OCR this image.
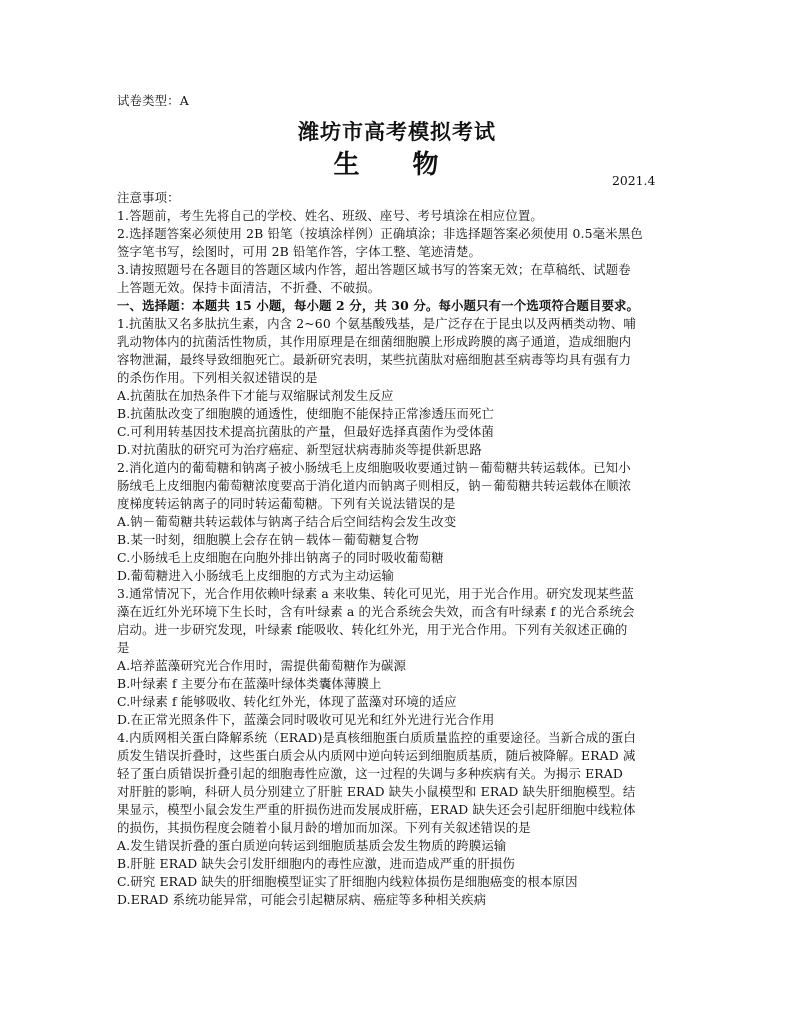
试卷类型：A
潍坊市高考模拟考试
生 物
2021.4
注意事项：
1.答题前，考生先将自己的学校、姓名、班级、座号、考号填涂在相应位置。
2.选择题答案必须使用 2B 铅笔（按填涂样例）正确填涂；非选择题答案必须使用 0.5毫米黑色
签字笔书写，绘图时，可用 2B 铅笔作答，字体工整、笔迹清楚。
3.请按照题号在各题目的答题区域内作答，超出答题区域书写的答案无效；在草稿纸、试题卷
上答题无效。保持卡面清洁，不折叠、不破损。
一、选择题：本题共 15 小题，每小题 2 分，共 30 分。每小题只有一个选项符合题目要求。
1.抗菌肽又名多肽抗生素，内含 2~60 个氨基酸残基，是广泛存在于昆虫以及两栖类动物、哺
乳动物体内的抗菌活性物质，其作用原理是在细菌细胞膜上形成跨膜的离子通道，造成细胞内
容物泄漏，最终导致细胞死亡。最新研究表明，某些抗菌肽对癌细胞甚至病毒等均具有强有力
的杀伤作用。下列相关叙述错误的是
A.抗菌肽在加热条件下才能与双缩脲试剂发生反应
B.抗菌肽改变了细胞膜的通透性，使细胞不能保持正常渗透压而死亡
C.可利用转基因技术提高抗菌肽的产量，但最好选择真菌作为受体菌
D.对抗菌肽的研究可为治疗癌症、新型冠状病毒肺炎等提供新思路
2.消化道内的葡萄糖和钠离子被小肠绒毛上皮细胞吸收要通过钠－葡萄糖共转运载体。已知小
肠绒毛上皮细胞内葡萄糖浓度要高于消化道内而钠离子则相反，钠－葡萄糖共转运载体在顺浓
度梯度转运钠离子的同时转运葡萄糖。下列有关说法错误的是
A.钠－葡萄糖共转运载体与钠离子结合后空间结构会发生改变
B.某一时刻，细胞膜上会存在钠－载体－葡萄糖复合物
C.小肠绒毛上皮细胞在向胞外排出钠离子的同时吸收葡萄糖
D.葡萄糖进入小肠绒毛上皮细胞的方式为主动运输
3.通常情况下，光合作用依赖叶绿素 a 来收集、转化可见光，用于光合作用。研究发现某些蓝
藻在近红外光环境下生长时，含有叶绿素 a 的光合系统会失效，而含有叶绿素 f 的光合系统会
启动。进一步研究发现，叶绿素 f能吸收、转化红外光，用于光合作用。下列有关叙述正确的
是
A.培养蓝藻研究光合作用时，需提供葡萄糖作为碳源
B.叶绿素 f 主要分布在蓝藻叶绿体类囊体薄膜上
C.叶绿素 f 能够吸收、转化红外光，体现了蓝藻对环境的适应
D.在正常光照条件下，蓝藻会同时吸收可见光和红外光进行光合作用
4.内质网相关蛋白降解系统（ERAD)是真核细胞蛋白质质量监控的重要途径。当新合成的蛋白
质发生错误折叠时，这些蛋白质会从内质网中逆向转运到细胞质基质，随后被降解。ERAD 减
轻了蛋白质错误折叠引起的细胞毒性应激，这一过程的失调与多种疾病有关。为揭示 ERAD
对肝脏的影响，科研人员分别建立了肝脏 ERAD 缺失小鼠模型和 ERAD 缺失肝细胞模型。结
果显示，模型小鼠会发生严重的肝损伤进而发展成肝癌，ERAD 缺失还会引起肝细胞中线粒体
的损伤，其损伤程度会随着小鼠月龄的增加而加深。下列有关叙述错误的是
A.发生错误折叠的蛋白质逆向转运到细胞质基质会发生物质的跨膜运输
B.肝脏 ERAD 缺失会引发肝细胞内的毒性应激，进而造成严重的肝损伤
C.研究 ERAD 缺失的肝细胞模型证实了肝细胞内线粒体损伤是细胞癌变的根本原因
D.ERAD 系统功能异常，可能会引起糖尿病、癌症等多种相关疾病
